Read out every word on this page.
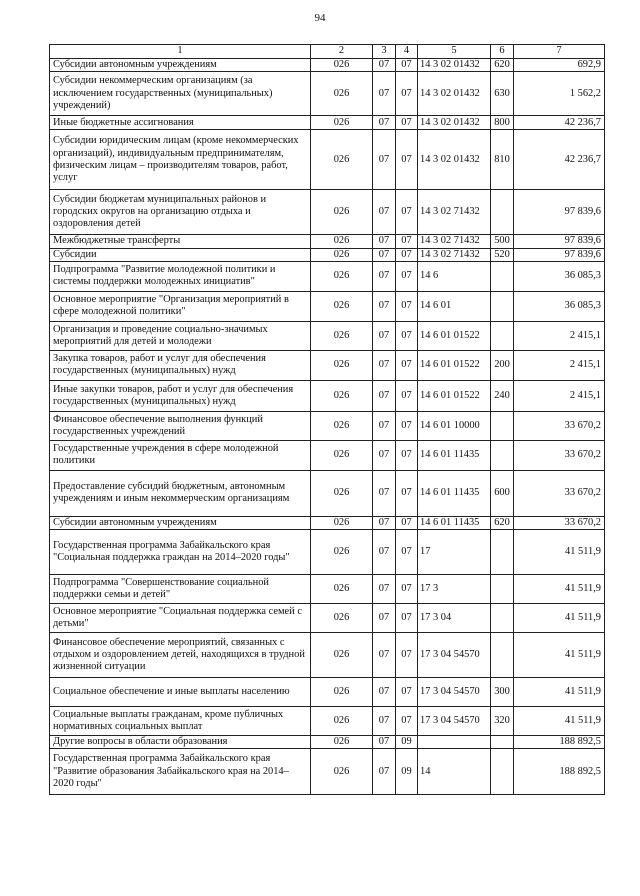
94
1	2	3	4	5	6	7
Субсидии автономным учреждениям	026	07	07	14 3 02 01432	620	692,9
Субсидии некоммерческим организациям (за исключением государственных (муниципальных) учреждений)	026	07	07	14 3 02 01432	630	1 562,2
Иные бюджетные ассигнования	026	07	07	14 3 02 01432	800	42 236,7
Субсидии юридическим лицам (кроме некоммерческих организаций), индивидуальным предпринимателям, физическим лицам – производителям товаров, работ, услуг	026	07	07	14 3 02 01432	810	42 236,7
Субсидии бюджетам муниципальных районов и городских округов на организацию отдыха и оздоровления детей	026	07	07	14 3 02 71432		97 839,6
Межбюджетные трансферты	026	07	07	14 3 02 71432	500	97 839,6
Субсидии	026	07	07	14 3 02 71432	520	97 839,6
Подпрограмма "Развитие молодежной политики и системы поддержки молодежных инициатив"	026	07	07	14 6		36 085,3
Основное мероприятие "Организация мероприятий в сфере молодежной политики"	026	07	07	14 6 01		36 085,3
Организация и проведение социально-значимых мероприятий для детей и молодежи	026	07	07	14 6 01 01522		2 415,1
Закупка товаров, работ и услуг для обеспечения государственных (муниципальных) нужд	026	07	07	14 6 01 01522	200	2 415,1
Иные закупки товаров, работ и услуг для обеспечения государственных (муниципальных) нужд	026	07	07	14 6 01 01522	240	2 415,1
Финансовое обеспечение выполнения функций государственных учреждений	026	07	07	14 6 01 10000		33 670,2
Государственные учреждения в сфере молодежной политики	026	07	07	14 6 01 11435		33 670,2
Предоставление субсидий бюджетным, автономным учреждениям и иным некоммерческим организациям	026	07	07	14 6 01 11435	600	33 670,2
Субсидии автономным учреждениям	026	07	07	14 6 01 11435	620	33 670,2
Государственная программа Забайкальского края "Социальная поддержка граждан на 2014–2020 годы"	026	07	07	17		41 511,9
Подпрограмма "Совершенствование социальной поддержки семьи и детей"	026	07	07	17 3		41 511,9
Основное мероприятие "Социальная поддержка семей с детьми"	026	07	07	17 3 04		41 511,9
Финансовое обеспечение мероприятий, связанных с отдыхом и оздоровлением детей, находящихся в трудной жизненной ситуации	026	07	07	17 3 04 54570		41 511,9
Социальное обеспечение и иные выплаты населению	026	07	07	17 3 04 54570	300	41 511,9
Социальные выплаты гражданам, кроме публичных нормативных социальных выплат	026	07	07	17 3 04 54570	320	41 511,9
Другие вопросы в области образования	026	07	09			188 892,5
Государственная программа Забайкальского края "Развитие образования Забайкальского края на 2014–2020 годы"	026	07	09	14		188 892,5
